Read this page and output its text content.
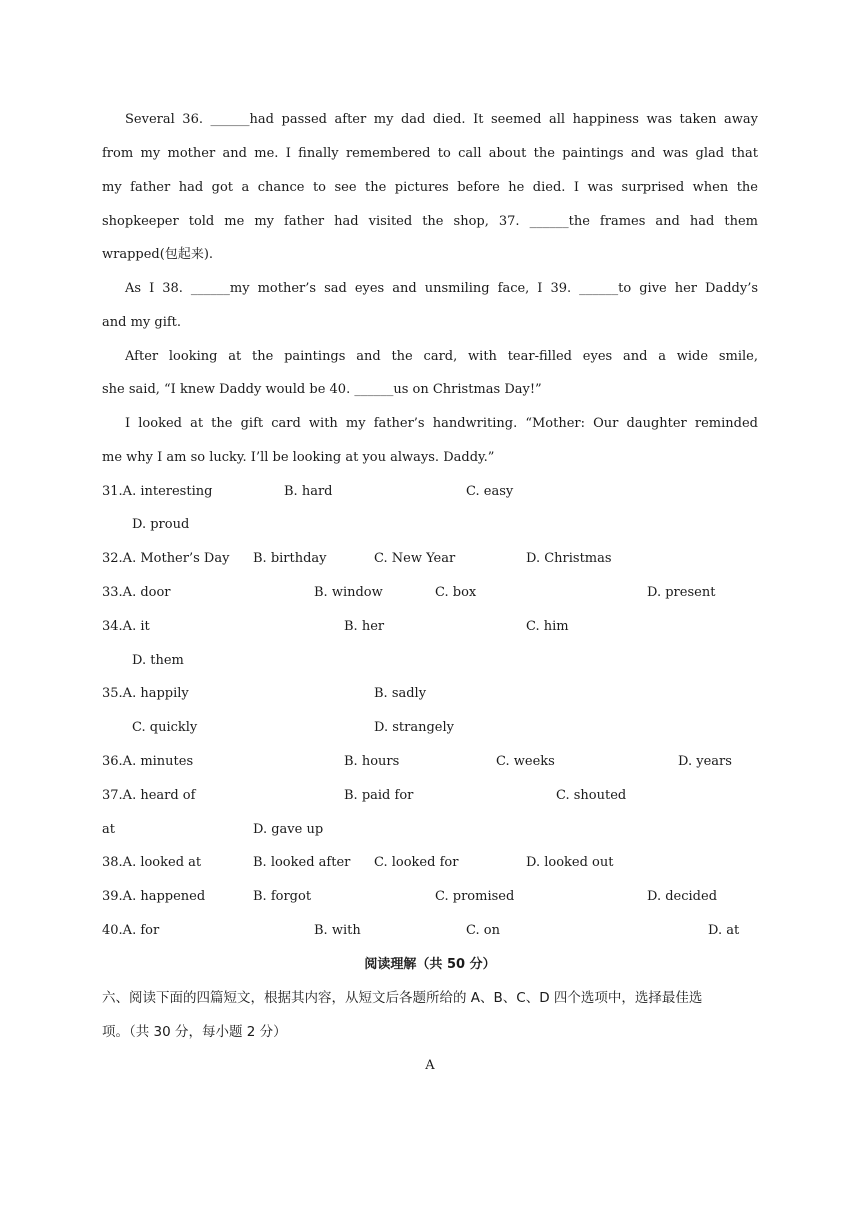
Several 36. ______had passed after my dad died. It seemed all happiness was taken away
from my mother and me. I finally remembered to call about the paintings and was glad that
my father had got a chance to see the pictures before he died. I was surprised when the
shopkeeper told me my father had visited the shop, 37. ______the frames and had them
wrapped(包起来).
As I 38. ______my mother’s sad eyes and unsmiling face, I 39. ______to give her Daddy’s
and my gift.
After looking at the paintings and the card, with tear-filled eyes and a wide smile,
she said, “I knew Daddy would be 40. ______us on Christmas Day!”
I looked at the gift card with my father’s handwriting. “Mother: Our daughter reminded
me why I am so lucky. I’ll be looking at you always. Daddy.”
31.A. interesting	B. hard	C. easy
D. proud
32.A. Mother’s Day B. birthday	C. New Year	D. Christmas
33.A. door	B. window	C. box	D. present
34.A. it	B. her	C. him
D. them
35.A. happily	B. sadly
C. quickly	D. strangely
36.A. minutes	B. hours	C. weeks	D. years
37.A. heard of	B. paid for	C. shouted
at	D. gave up
38.A. looked at	B. looked after C. looked for	D. looked out
39.A. happened	B. forgot	C. promised	D. decided
40.A. for	B. with	C. on	D. at
阅读理解（共 50 分）
六、阅读下面的四篇短文，根据其内容，从短文后各题所给的 A、B、C、D 四个选项中，选择最佳选
项。（共 30 分，每小题 2 分）
A
